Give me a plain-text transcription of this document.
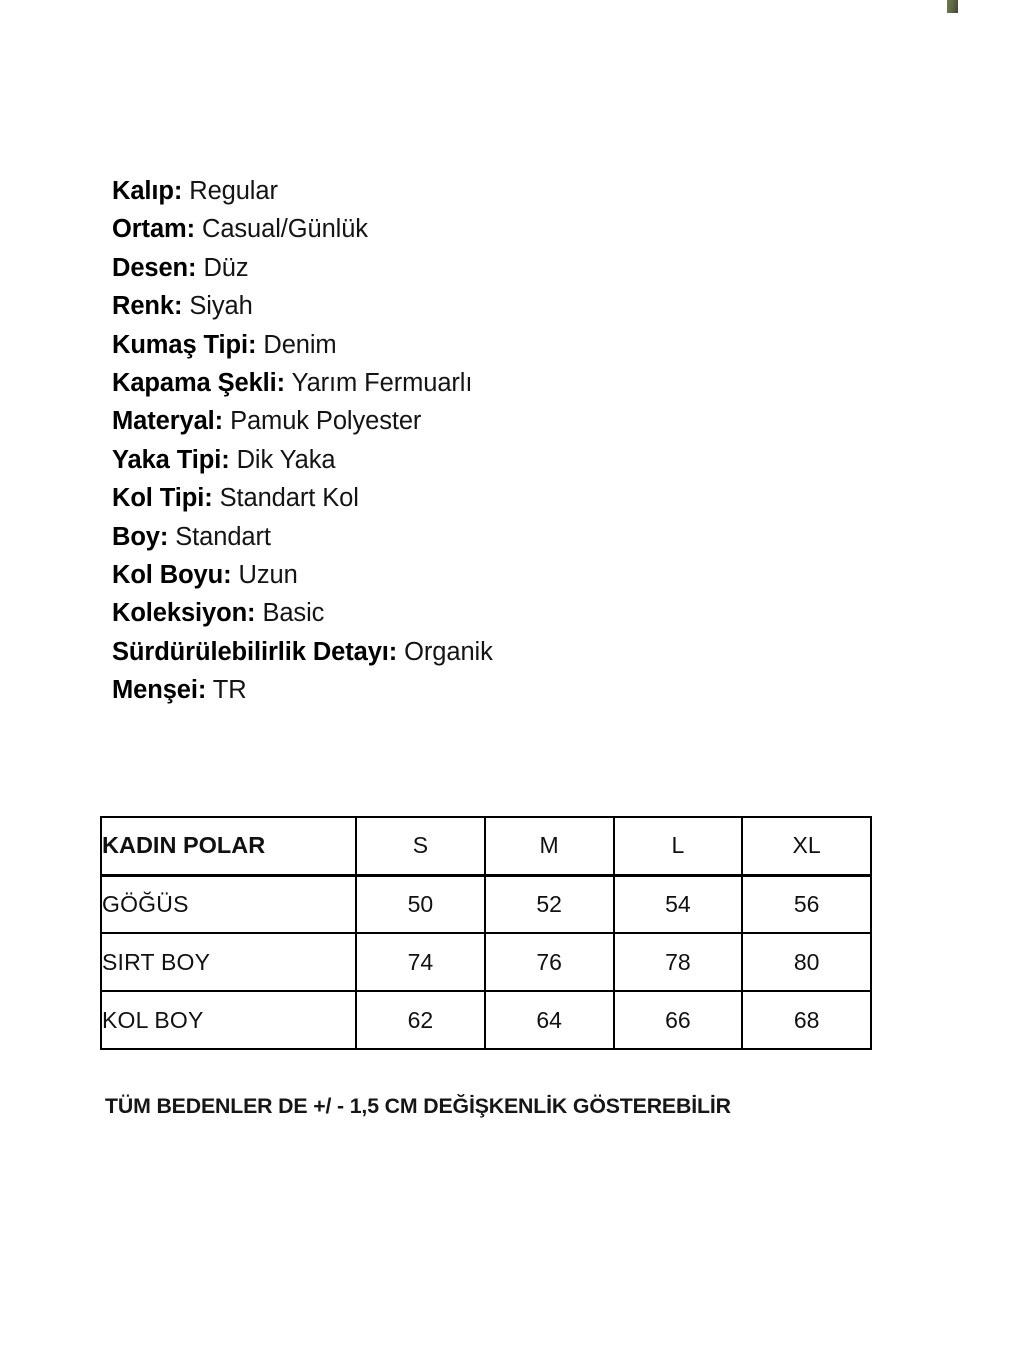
Kalıp: Regular
Ortam: Casual/Günlük
Desen: Düz
Renk: Siyah
Kumaş Tipi: Denim
Kapama Şekli: Yarım Fermuarlı
Materyal: Pamuk Polyester
Yaka Tipi: Dik Yaka
Kol Tipi: Standart Kol
Boy: Standart
Kol Boyu: Uzun
Koleksiyon: Basic
Sürdürülebilirlik Detayı: Organik
Menşei: TR
KADIN POLAR	S	M	L	XL
GÖĞÜS	50	52	54	56
SIRT BOY	74	76	78	80
KOL BOY	62	64	66	68

TÜM BEDENLER DE +/ - 1,5 CM DEĞİŞKENLİK GÖSTEREBİLİR
